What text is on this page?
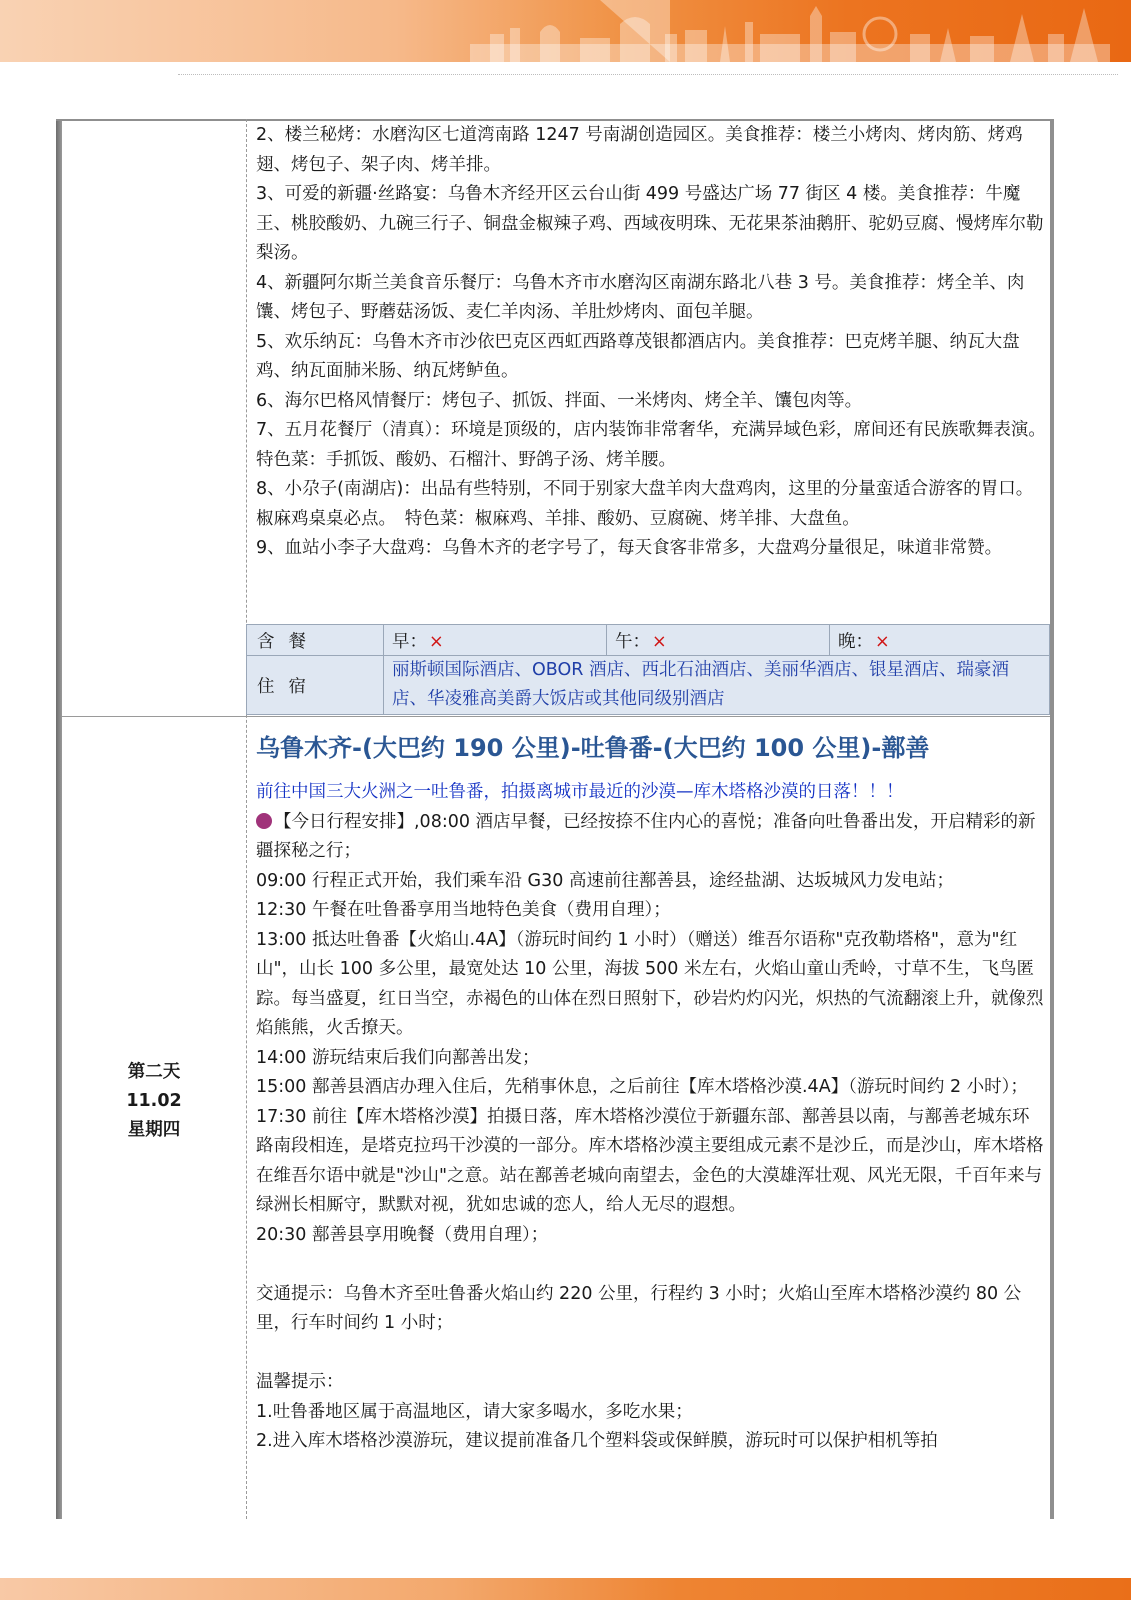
2、楼兰秘烤：水磨沟区七道湾南路 1247 号南湖创造园区。美食推荐：楼兰小烤肉、烤肉筋、烤鸡翅、烤包子、架子肉、烤羊排。

3、可爱的新疆·丝路宴：乌鲁木齐经开区云台山街 499 号盛达广场 77 街区 4 楼。美食推荐：牛魔王、桃胶酸奶、九碗三行子、铜盘金椒辣子鸡、西域夜明珠、无花果茶油鹅肝、驼奶豆腐、慢烤库尔勒梨汤。

4、新疆阿尔斯兰美食音乐餐厅：乌鲁木齐市水磨沟区南湖东路北八巷 3 号。美食推荐：烤全羊、肉馕、烤包子、野蘑菇汤饭、麦仁羊肉汤、羊肚炒烤肉、面包羊腿。

5、欢乐纳瓦：乌鲁木齐市沙依巴克区西虹西路尊茂银都酒店内。美食推荐：巴克烤羊腿、纳瓦大盘鸡、纳瓦面肺米肠、纳瓦烤鲈鱼。

6、海尔巴格风情餐厅：烤包子、抓饭、拌面、一米烤肉、烤全羊、馕包肉等。

7、五月花餐厅（清真）：环境是顶级的，店内装饰非常奢华，充满异域色彩，席间还有民族歌舞表演。特色菜：手抓饭、酸奶、石榴汁、野鸽子汤、烤羊腰。

8、小尕子(南湖店)：出品有些特别，不同于别家大盘羊肉大盘鸡肉，这里的分量蛮适合游客的胃口。椒麻鸡桌桌必点。　特色菜：椒麻鸡、羊排、酸奶、豆腐碗、烤羊排、大盘鱼。

9、血站小李子大盘鸡：乌鲁木齐的老字号了，每天食客非常多，大盘鸡分量很足，味道非常赞。

含餐	早： ×	午： ×	晚： ×
住宿	丽斯顿国际酒店、OBOR 酒店、西北石油酒店、美丽华酒店、银星酒店、瑞豪酒店、华凌雅高美爵大饭店或其他同级别酒店		
第二天
11.02
星期四
乌鲁木齐-(大巴约 190 公里)-吐鲁番-(大巴约 100 公里)-鄯善

前往中国三大火洲之一吐鲁番，拍摄离城市最近的沙漠—库木塔格沙漠的日落！！！

【今日行程安排】,08:00 酒店早餐，已经按捺不住内心的喜悦；准备向吐鲁番出发，开启精彩的新疆探秘之行；

09:00 行程正式开始，我们乘车沿 G30 高速前往鄯善县，途经盐湖、达坂城风力发电站；

12:30 午餐在吐鲁番享用当地特色美食（费用自理）；

13:00 抵达吐鲁番【火焰山.4A】（游玩时间约 1 小时）（赠送）维吾尔语称"克孜勒塔格"，意为"红山"，山长 100 多公里，最宽处达 10 公里，海拔 500 米左右，火焰山童山秃岭，寸草不生，飞鸟匿踪。每当盛夏，红日当空，赤褐色的山体在烈日照射下，砂岩灼灼闪光，炽热的气流翻滚上升，就像烈焰熊熊，火舌撩天。

14:00 游玩结束后我们向鄯善出发；

15:00 鄯善县酒店办理入住后，先稍事休息，之后前往【库木塔格沙漠.4A】（游玩时间约 2 小时）；

17:30 前往【库木塔格沙漠】拍摄日落，库木塔格沙漠位于新疆东部、鄯善县以南，与鄯善老城东环路南段相连，是塔克拉玛干沙漠的一部分。库木塔格沙漠主要组成元素不是沙丘，而是沙山，库木塔格在维吾尔语中就是"沙山"之意。站在鄯善老城向南望去，金色的大漠雄浑壮观、风光无限，千百年来与绿洲长相厮守，默默对视，犹如忠诚的恋人，给人无尽的遐想。

20:30 鄯善县享用晚餐（费用自理）；

交通提示：乌鲁木齐至吐鲁番火焰山约 220 公里，行程约 3 小时；火焰山至库木塔格沙漠约 80 公里，行车时间约 1 小时；

温馨提示：

1.吐鲁番地区属于高温地区，请大家多喝水，多吃水果；

2.进入库木塔格沙漠游玩，建议提前准备几个塑料袋或保鲜膜，游玩时可以保护相机等拍
